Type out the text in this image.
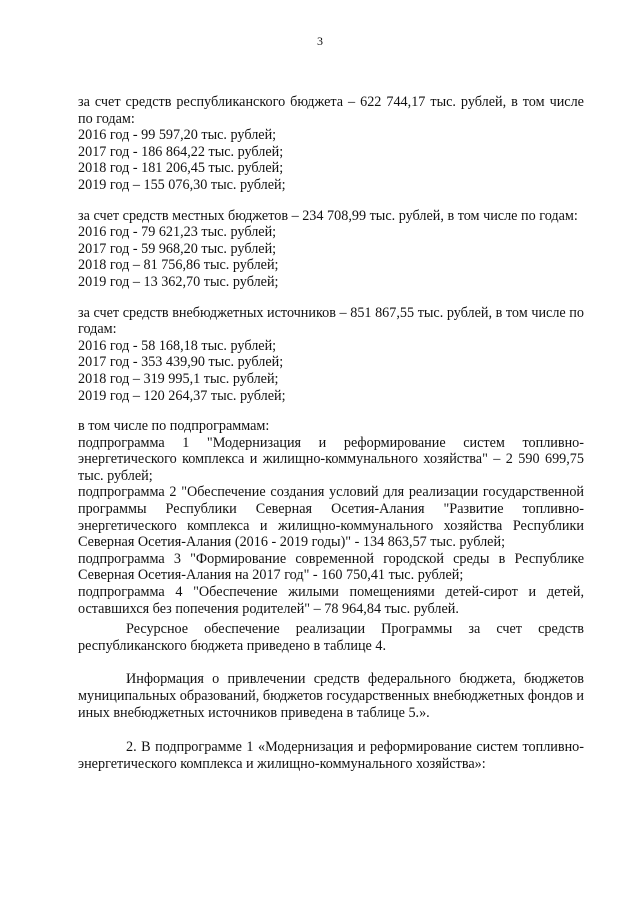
3
за счет средств республиканского бюджета – 622 744,17 тыс. рублей, в том числе по годам:
2016 год - 99 597,20 тыс. рублей;
2017 год - 186 864,22 тыс. рублей;
2018 год - 181 206,45 тыс. рублей;
2019 год – 155 076,30 тыс. рублей;
за счет средств местных бюджетов – 234 708,99 тыс. рублей, в том числе по годам:
2016 год - 79 621,23 тыс. рублей;
2017 год - 59 968,20 тыс. рублей;
2018 год – 81 756,86 тыс. рублей;
2019 год – 13 362,70 тыс. рублей;
за счет средств внебюджетных источников – 851 867,55 тыс. рублей, в том числе по годам:
2016 год - 58 168,18 тыс. рублей;
2017 год - 353 439,90 тыс. рублей;
2018 год – 319 995,1 тыс. рублей;
2019 год – 120 264,37 тыс. рублей;
в том числе по подпрограммам:
подпрограмма 1 "Модернизация и реформирование систем топливно-энергетического комплекса и жилищно-коммунального хозяйства" – 2 590 699,75 тыс. рублей;
подпрограмма 2 "Обеспечение создания условий для реализации государственной программы Республики Северная Осетия-Алания "Развитие топливно-энергетического комплекса и жилищно-коммунального хозяйства Республики Северная Осетия-Алания (2016 - 2019 годы)" - 134 863,57 тыс. рублей;
подпрограмма 3 "Формирование современной городской среды в Республике Северная Осетия-Алания на 2017 год" - 160 750,41 тыс. рублей;
подпрограмма 4 "Обеспечение жилыми помещениями детей-сирот и детей, оставшихся без попечения родителей" – 78 964,84 тыс. рублей.
Ресурсное обеспечение реализации Программы за счет средств республиканского бюджета приведено в таблице 4.
Информация о привлечении средств федерального бюджета, бюджетов муниципальных образований, бюджетов государственных внебюджетных фондов и иных внебюджетных источников приведена в таблице 5.».
2. В подпрограмме 1 «Модернизация и реформирование систем топливно-энергетического комплекса и жилищно-коммунального хозяйства»:
